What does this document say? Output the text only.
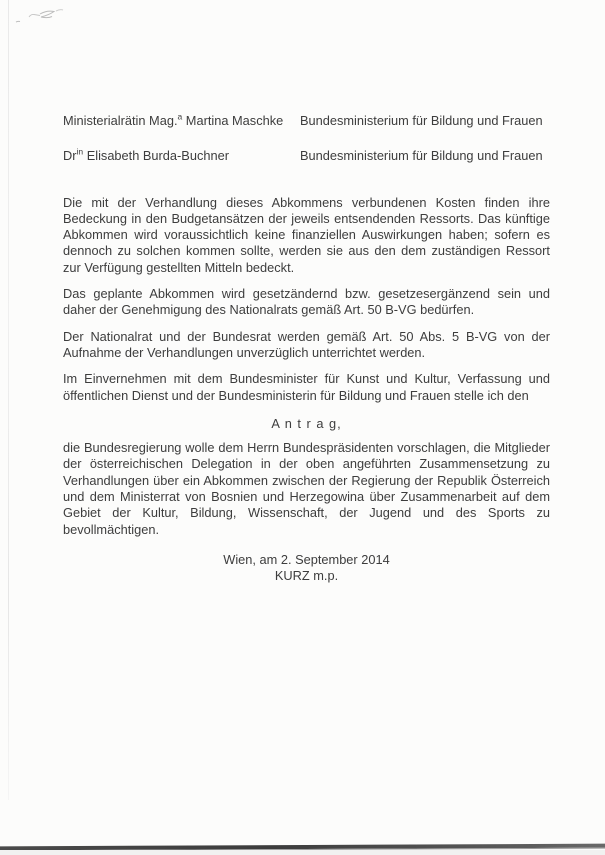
Ministerialrätin Mag.$^a$ Martina Maschke	Bundesministerium für Bildung und Frauen
$Dr^{in}$ Elisabeth Burda-Buchner	Bundesministerium für Bildung und Frauen

Die mit der Verhandlung dieses Abkommens verbundenen Kosten finden ihre Bedeckung in den Budgetansätzen der jeweils entsendenden Ressorts. Das künftige Abkommen wird voraussichtlich keine finanziellen Auswirkungen haben; sofern es dennoch zu solchen kommen sollte, werden sie aus den dem zuständigen Ressort zur Verfügung gestellten Mitteln bedeckt.

Das geplante Abkommen wird gesetzändernd bzw. gesetzesergänzend sein und daher der Genehmigung des Nationalrats gemäß Art. 50 B-VG bedürfen.

Der Nationalrat und der Bundesrat werden gemäß Art. 50 Abs. 5 B-VG von der Aufnahme der Verhandlungen unverzüglich unterrichtet werden.

Im Einvernehmen mit dem Bundesminister für Kunst und Kultur, Verfassung und öffentlichen Dienst und der Bundesministerin für Bildung und Frauen stelle ich den

A n t r a g,

die Bundesregierung wolle dem Herrn Bundespräsidenten vorschlagen, die Mitglieder der österreichischen Delegation in der oben angeführten Zusammensetzung zu Verhandlungen über ein Abkommen zwischen der Regierung der Republik Österreich und dem Ministerrat von Bosnien und Herzegowina über Zusammenarbeit auf dem Gebiet der Kultur, Bildung, Wissenschaft, der Jugend und des Sports zu bevollmächtigen.

Wien, am 2. September 2014
KURZ m.p.
